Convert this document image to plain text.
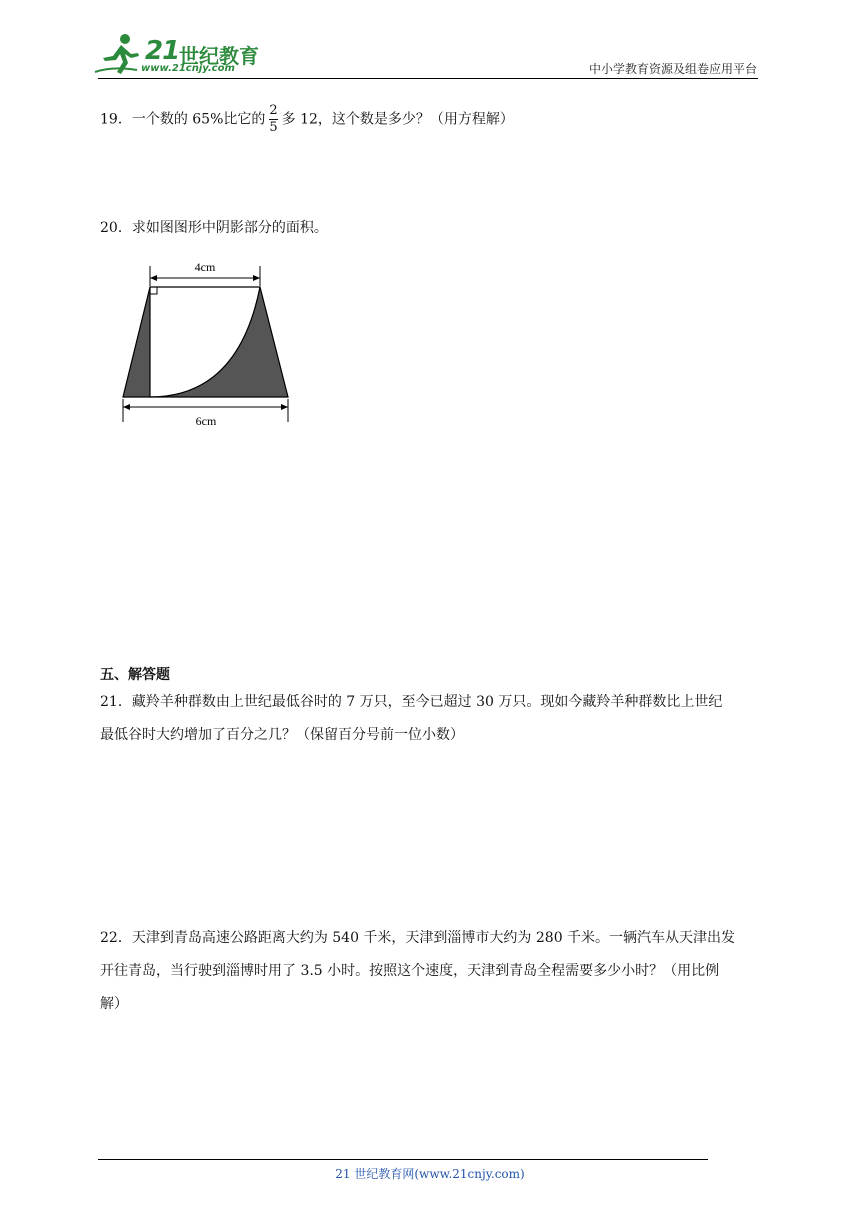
21 世纪教育
www.21cnjy.com	中小学教育资源及组卷应用平台
19．一个数的 65%比它的 $\frac{2}{5}$ 多 12，这个数是多少？（用方程解）
20．求如图图形中阴影部分的面积。
4cm
6cm
五、解答题
21．藏羚羊种群数由上世纪最低谷时的 7 万只，至今已超过 30 万只。现如今藏羚羊种群数比上世纪
最低谷时大约增加了百分之几？（保留百分号前一位小数）
22．天津到青岛高速公路距离大约为 540 千米，天津到淄博市大约为 280 千米。一辆汽车从天津出发
开往青岛，当行驶到淄博时用了 3.5 小时。按照这个速度，天津到青岛全程需要多少小时？（用比例
解）
21 世纪教育网(www.21cnjy.com)
